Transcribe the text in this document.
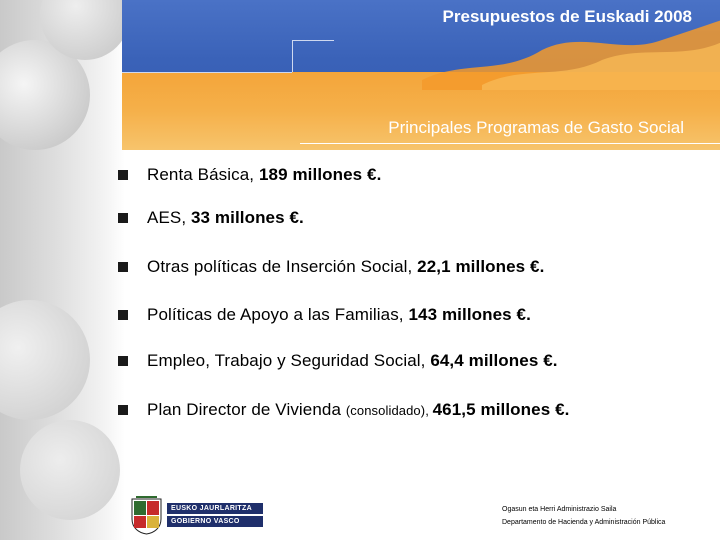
Presupuestos de Euskadi 2008
Principales Programas de Gasto Social
Renta Básica, 189 millones €.
AES, 33 millones €.
Otras políticas de Inserción Social, 22,1 millones €.
Políticas de Apoyo a las Familias, 143 millones €.
Empleo, Trabajo y Seguridad Social, 64,4 millones €.
Plan Director de Vivienda (consolidado), 461,5 millones €.
EUSKO JAURLARITZA
GOBIERNO VASCO
Ogasun eta Herri Administrazio Saila
Departamento de Hacienda y Administración Pública
